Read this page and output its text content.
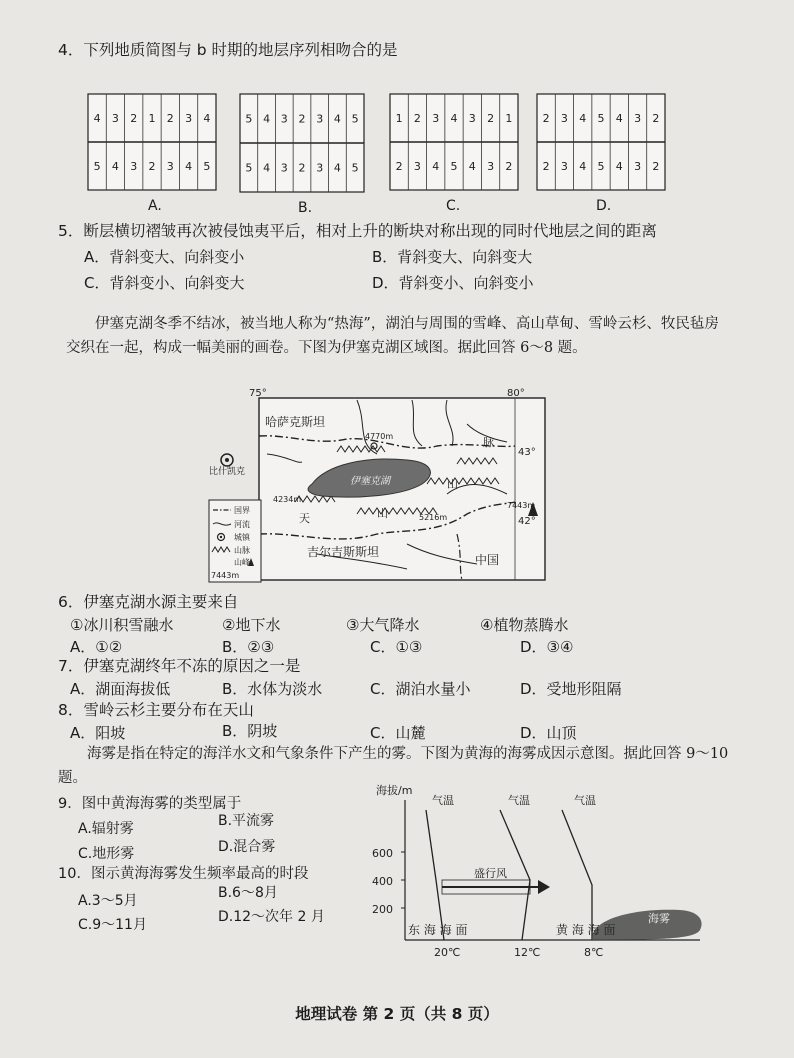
4．下列地质简图与 b 时期的地层序列相吻合的是
4 3 2 1 2 3 4
5 4 3 2 3 4 5
5 4 3 2 3 4 5
5 4 3 2 3 4 5
1 2 3 4 3 2 1
2 3 4 5 4 3 2
2 3 4 5 4 3 2
2 3 4 5 4 3 2
A.	B.	C.	D.
5．断层横切褶皱再次被侵蚀夷平后，相对上升的断块对称出现的同时代地层之间的距离
A．背斜变大、向斜变小	B．背斜变大、向斜变大
C．背斜变小、向斜变大	D．背斜变小、向斜变小
伊塞克湖冬季不结冰，被当地人称为“热海”，湖泊与周围的雪峰、高山草甸、雪岭云杉、牧民毡房交织在一起，构成一幅美丽的画卷。下图为伊塞克湖区域图。据此回答 6～8 题。
75°	80°
43°
42°
哈萨克斯坦
吉尔吉斯斯坦
中国
比什凯克
伊塞克湖
4770m
4234m
5216m
7443m
天	山
山
脉
国界
河流
城镇
山脉
山峰
7443m
6．伊塞克湖水源主要来自
①冰川积雪融水	②地下水	③大气降水	④植物蒸腾水
A．①②	B．②③	C．①③	D．③④
7．伊塞克湖终年不冻的原因之一是
A．湖面海拔低	B．水体为淡水	C．湖泊水量小	D．受地形阻隔
8．雪岭云杉主要分布在天山
A．阳坡	B．阴坡	C．山麓	D．山顶
海雾是指在特定的海洋水文和气象条件下产生的雾。下图为黄海的海雾成因示意图。据此回答 9～10 题。
9．图中黄海海雾的类型属于
A.辐射雾	B.平流雾
C.地形雾	D.混合雾
10．图示黄海海雾发生频率最高的时段
A.3～5月	B.6～8月
C.9～11月	D.12～次年 2 月
海拔/m
600
400
200
气温	气温	气温
盛行风
东 海 海 面	黄 海 海 面
海雾
20℃	12℃	8℃
地理试卷 第 2 页（共 8 页）
